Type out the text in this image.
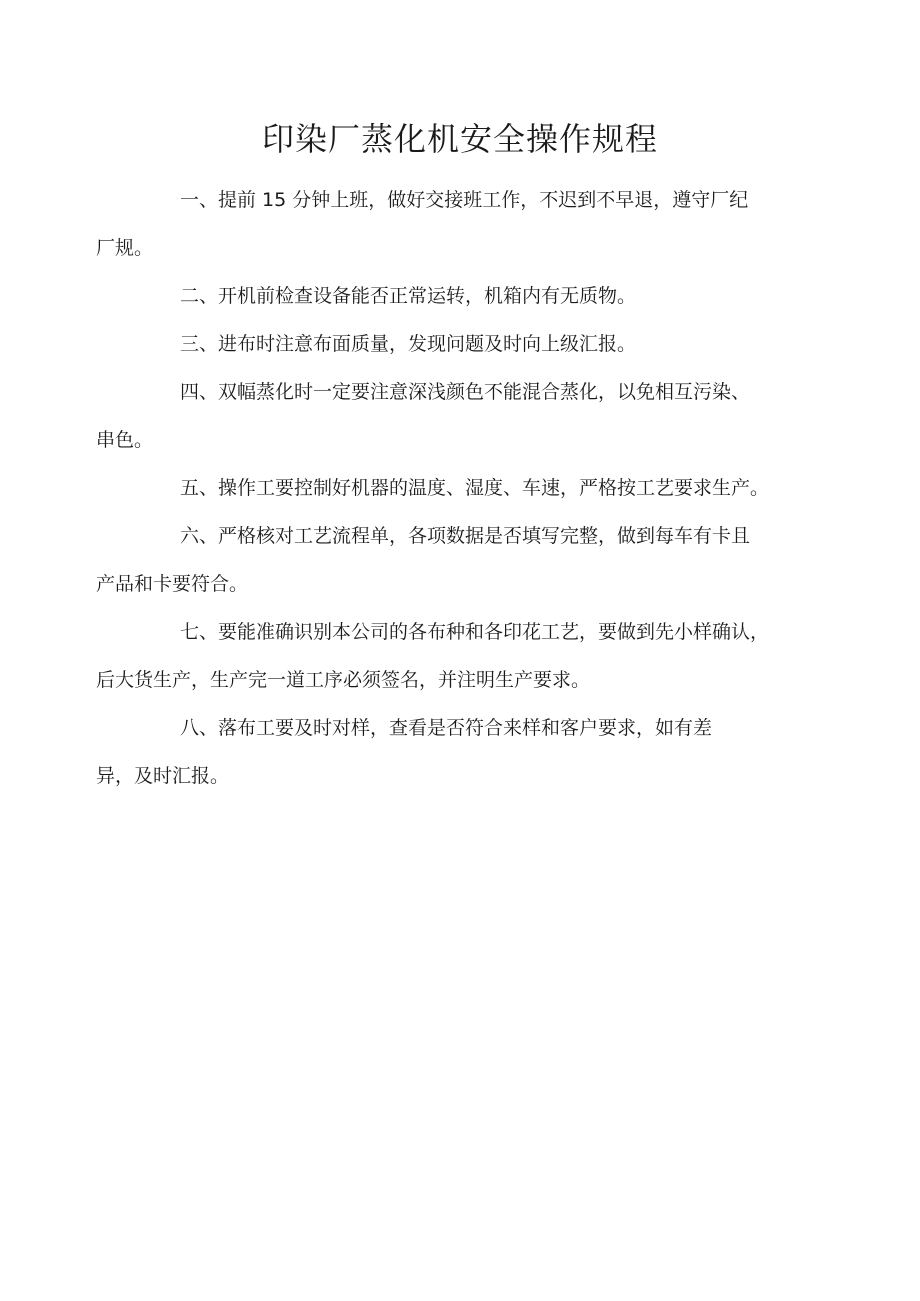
印染厂蒸化机安全操作规程

一、提前 15 分钟上班，做好交接班工作，不迟到不早退，遵守厂纪
厂规。

二、开机前检查设备能否正常运转，机箱内有无质物。

三、进布时注意布面质量，发现问题及时向上级汇报。

四、双幅蒸化时一定要注意深浅颜色不能混合蒸化，以免相互污染、
串色。

五、操作工要控制好机器的温度、湿度、车速，严格按工艺要求生产。

六、严格核对工艺流程单，各项数据是否填写完整，做到每车有卡且
产品和卡要符合。

七、要能准确识别本公司的各布种和各印花工艺，要做到先小样确认，
后大货生产，生产完一道工序必须签名，并注明生产要求。

八、落布工要及时对样，查看是否符合来样和客户要求，如有差
异，及时汇报。
